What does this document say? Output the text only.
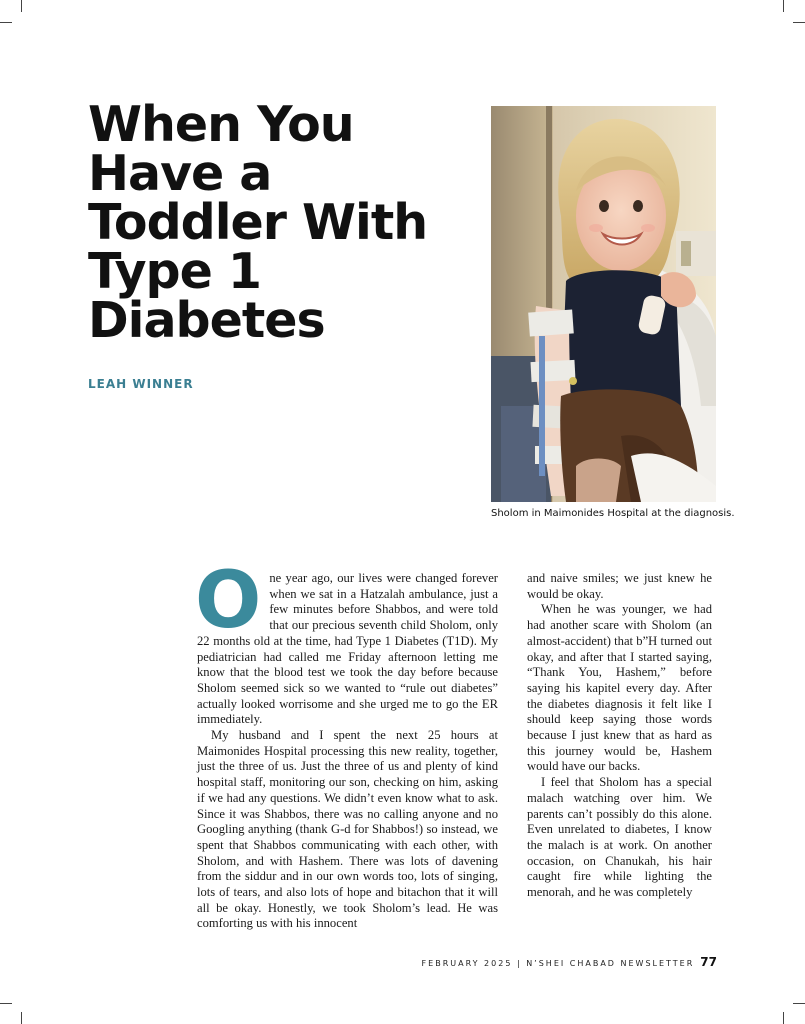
When You Have a Toddler With Type 1 Diabetes
LEAH WINNER
Sholom in Maimonides Hospital at the diagnosis.

One year ago, our lives were changed forever when we sat in a Hatzalah ambulance, just a few minutes before Shabbos, and were told that our precious seventh child Sholom, only 22 months old at the time, had Type 1 Diabetes (T1D). My pediatrician had called me Friday afternoon letting me know that the blood test we took the day before because Sholom seemed sick so we wanted to “rule out diabetes” actually looked worrisome and she urged me to go the ER immediately.

My husband and I spent the next 25 hours at Maimonides Hospital processing this new reality, together, just the three of us. Just the three of us and plenty of kind hospital staff, monitoring our son, checking on him, asking if we had any questions. We didn’t even know what to ask. Since it was Shabbos, there was no calling anyone and no Googling anything (thank G-d for Shabbos!) so instead, we spent that Shabbos communicating with each other, with Sholom, and with Hashem. There was lots of davening from the siddur and in our own words too, lots of singing, lots of tears, and also lots of hope and bitachon that it will all be okay. Honestly, we took Sholom’s lead. He was comforting us with his innocent

and naive smiles; we just knew he would be okay.

When he was younger, we had had another scare with Sholom (an almost-accident) that b”H turned out okay, and after that I started saying, “Thank You, Hashem,” before saying his kapitel every day. After the diabetes diagnosis it felt like I should keep saying those words because I just knew that as hard as this journey would be, Hashem would have our backs.

I feel that Sholom has a special malach watching over him. We parents can’t possibly do this alone. Even unrelated to diabetes, I know the malach is at work. On another occasion, on Chanukah, his hair caught fire while lighting the menorah, and he was completely

FEBRUARY 2025 | N’SHEI CHABAD NEWSLETTER 77
